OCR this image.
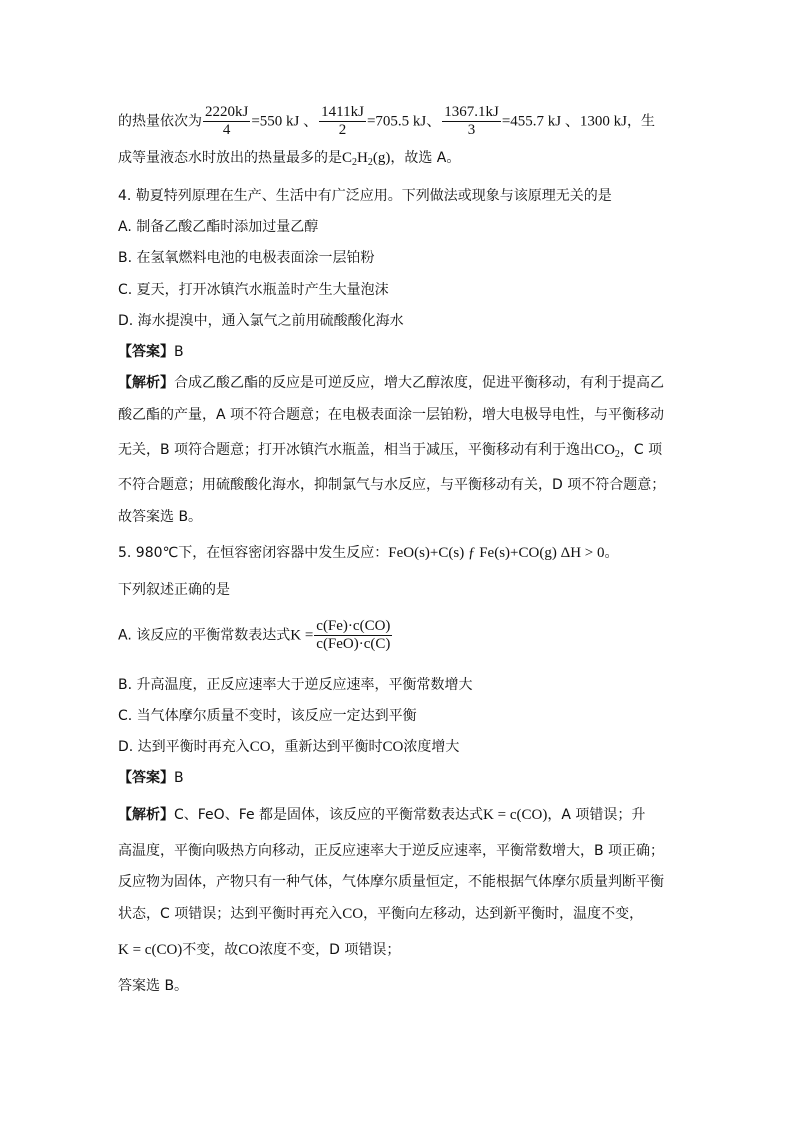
的热量依次为 $\frac{2220kJ}{4} =550$ kJ 、 $\frac{1411kJ}{2} =705.5$ kJ、 $\frac{1367.1kJ}{3} =455.7$ kJ 、1300 kJ，生
成等量液态水时放出的热量最多的是$C_2H_2(g)$，故选 A。
4. 勒夏特列原理在生产、生活中有广泛应用。下列做法或现象与该原理无关的是
A. 制备乙酸乙酯时添加过量乙醇
B. 在氢氧燃料电池的电极表面涂一层铂粉
C. 夏天，打开冰镇汽水瓶盖时产生大量泡沫
D. 海水提溴中，通入氯气之前用硫酸酸化海水
【答案】B
【解析】合成乙酸乙酯的反应是可逆反应，增大乙醇浓度，促进平衡移动，有利于提高乙
酸乙酯的产量，A 项不符合题意；在电极表面涂一层铂粉，增大电极导电性，与平衡移动
无关，B 项符合题意；打开冰镇汽水瓶盖，相当于减压，平衡移动有利于逸出$CO_2$，C 项
不符合题意；用硫酸酸化海水，抑制氯气与水反应，与平衡移动有关，D 项不符合题意；
故答案选 B。
5. 980℃下，在恒容密闭容器中发生反应：FeO(s)+C(s) ƒ Fe(s)+CO(g) ΔH > 0。
下列叙述正确的是
A. 该反应的平衡常数表达式$K = \frac{c(Fe)\cdot c(CO)}{\text{c(FeO)·c(C)}}$
B. 升高温度，正反应速率大于逆反应速率，平衡常数增大
C. 当气体摩尔质量不变时，该反应一定达到平衡
D. 达到平衡时再充入CO，重新达到平衡时CO浓度增大
【答案】B
【解析】C、FeO、Fe 都是固体，该反应的平衡常数表达式K = c(CO)，A 项错误；升
高温度，平衡向吸热方向移动，正反应速率大于逆反应速率，平衡常数增大，B 项正确；
反应物为固体，产物只有一种气体，气体摩尔质量恒定，不能根据气体摩尔质量判断平衡
状态，C 项错误；达到平衡时再充入CO，平衡向左移动，达到新平衡时，温度不变，
K = c(CO)不变，故CO浓度不变，D 项错误；
答案选 B。
